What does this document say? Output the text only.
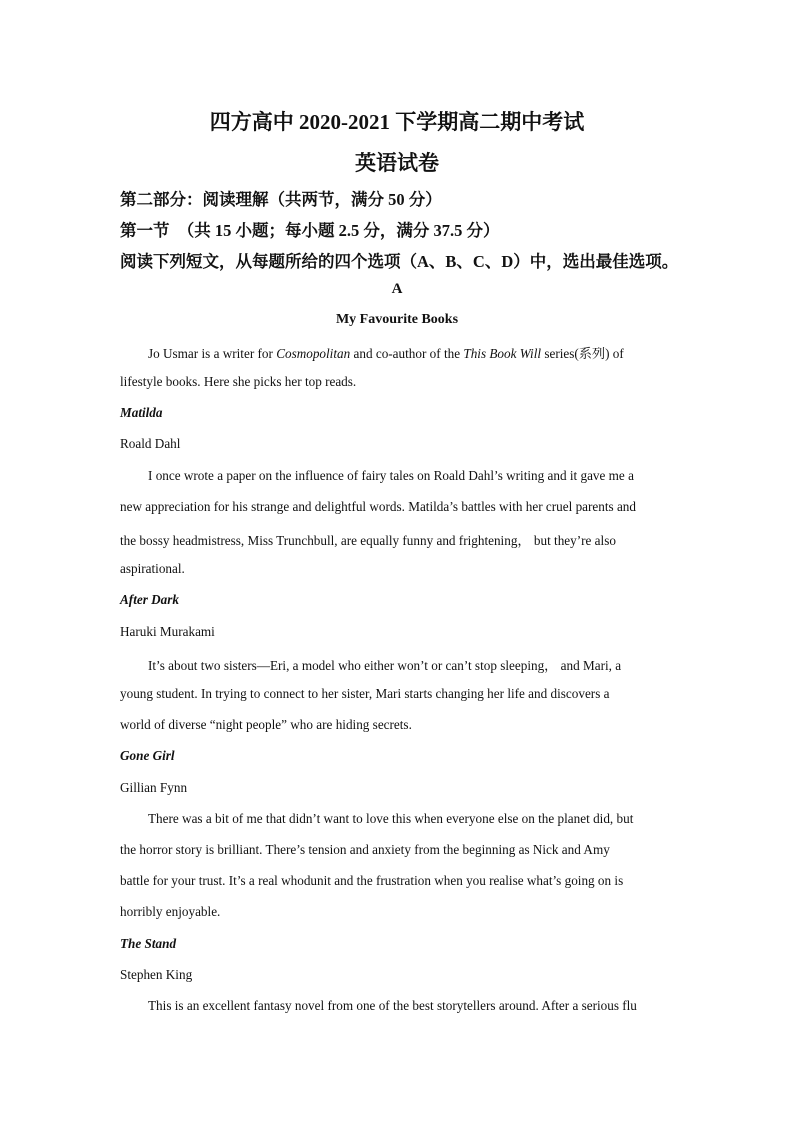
四方高中 2020-2021 下学期高二期中考试
英语试卷
第二部分：阅读理解（共两节，满分 50 分）
第一节　（共 15 小题；每小题 2.5 分，满分 37.5 分）
阅读下列短文，从每题所给的四个选项（A、B、C、D）中，选出最佳选项。
A
My Favourite Books
Jo Usmar is a writer for Cosmopolitan and co-author of the This Book Will series(系列) of
lifestyle books. Here she picks her top reads.
Matilda
Roald Dahl
I once wrote a paper on the influence of fairy tales on Roald Dahl’s writing and it gave me a
new appreciation for his strange and delightful words. Matilda’s battles with her cruel parents and
the bossy headmistress, Miss Trunchbull, are equally funny and frightening， but they’re also
aspirational.
After Dark
Haruki Murakami
It’s about two sisters—Eri, a model who either won’t or can’t stop sleeping， and Mari, a
young student. In trying to connect to her sister, Mari starts changing her life and discovers a
world of diverse “night people” who are hiding secrets.
Gone Girl
Gillian Fynn
There was a bit of me that didn’t want to love this when everyone else on the planet did, but
the horror story is brilliant. There’s tension and anxiety from the beginning as Nick and Amy
battle for your trust. It’s a real whodunit and the frustration when you realise what’s going on is
horribly enjoyable.
The Stand
Stephen King
This is an excellent fantasy novel from one of the best storytellers around. After a serious flu
